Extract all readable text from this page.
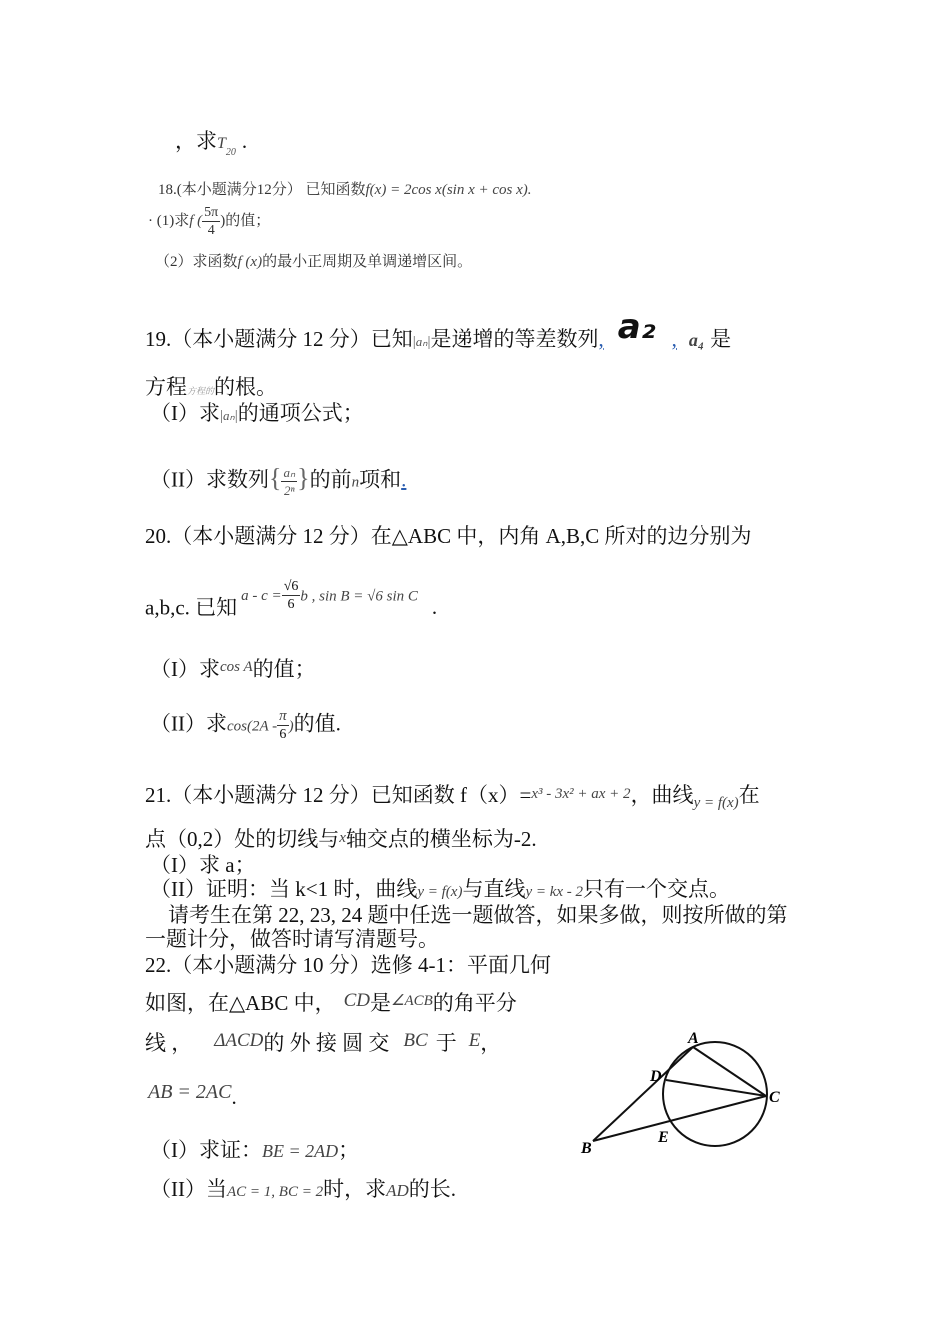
，求$T_{20}$ .
18.(本小题满分12分） 已知函数f(x) = 2cos x(sin x + cos x).
· (1)求f ( $\frac{5\pi}{4}$ )的值；
（2）求函数f (x)的最小正周期及单调递增区间。
19.（本小题满分 12 分）已知|aₙ|是递增的等差数列, a₂ , a₄ 是
方程方程的的根。
（I）求|aₙ|的通项公式；
（II）求数列{ $\frac{\text{aₙ}}{\text{2ⁿ}}$ }的前n项和.
20.（本小题满分 12 分）在△ABC 中，内角 A,B,C 所对的边分别为
a,b,c. 已知 $a - c = \frac{√6}{6}$ b , sin B = √6 sin C .
（I）求$^{cos A}$的值；
（II）求$\cos(2A - \frac{\pi}{6}$ )的值.
21.（本小题满分 12 分）已知函数 f（x）=x³ - 3x² + ax + 2，曲线$_{y = f(x)}$在
点（0,2）处的切线与x轴交点的横坐标为-2.
（I）求 a；
（II）证明：当 k<1 时，曲线y = f(x)与直线y = kx - 2只有一个交点。
请考生在第 22, 23, 24 题中任选一题做答，如果多做，则按所做的第
一题计分，做答时请写清题号。
22.（本小题满分 10 分）选修 4-1：平面几何
如图，在△ABC 中， CD是$^{\angle ACB}$的角平分
线 ， ΔACD的 外 接 圆 交 BC 于 E，
AB = 2AC.
（I）求证：BE = 2AD；
（II）当AC = 1, BC = 2时，求AD的长.
A
D
C
E
B
